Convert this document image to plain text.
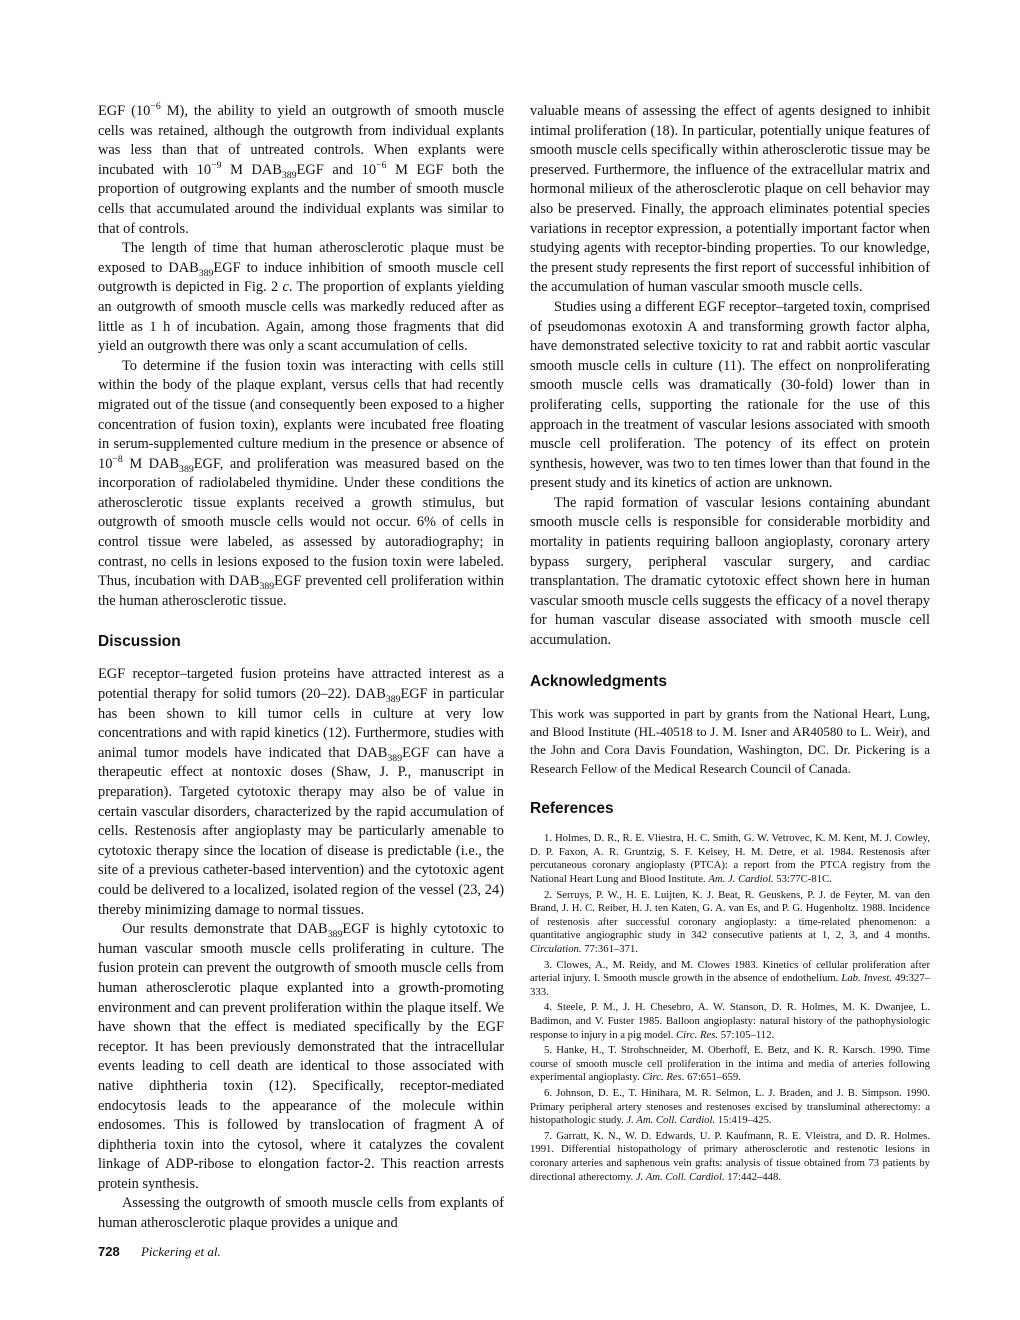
EGF ($10^{-6}$ M), the ability to yield an outgrowth of smooth muscle cells was retained, although the outgrowth from individual explants was less than that of untreated controls. When explants were incubated with $10^{-9}$ M $DAB_{389}EGF$ and $10^{-6}$ M EGF both the proportion of outgrowing explants and the number of smooth muscle cells that accumulated around the individual explants was similar to that of controls.

The length of time that human atherosclerotic plaque must be exposed to $DAB_{389}EGF$ to induce inhibition of smooth muscle cell outgrowth is depicted in Fig. 2 c. The proportion of explants yielding an outgrowth of smooth muscle cells was markedly reduced after as little as 1 h of incubation. Again, among those fragments that did yield an outgrowth there was only a scant accumulation of cells.

To determine if the fusion toxin was interacting with cells still within the body of the plaque explant, versus cells that had recently migrated out of the tissue (and consequently been exposed to a higher concentration of fusion toxin), explants were incubated free floating in serum-supplemented culture medium in the presence or absence of $10^{-8}$ M $DAB_{389}EGF$, and proliferation was measured based on the incorporation of radiolabeled thymidine. Under these conditions the atherosclerotic tissue explants received a growth stimulus, but outgrowth of smooth muscle cells would not occur. 6% of cells in control tissue were labeled, as assessed by autoradiography; in contrast, no cells in lesions exposed to the fusion toxin were labeled. Thus, incubation with $DAB_{389}EGF$ prevented cell proliferation within the human atherosclerotic tissue.

Discussion

EGF receptor–targeted fusion proteins have attracted interest as a potential therapy for solid tumors (20–22). $DAB_{389}EGF$ in particular has been shown to kill tumor cells in culture at very low concentrations and with rapid kinetics (12). Furthermore, studies with animal tumor models have indicated that $DAB_{389}EGF$ can have a therapeutic effect at nontoxic doses (Shaw, J. P., manuscript in preparation). Targeted cytotoxic therapy may also be of value in certain vascular disorders, characterized by the rapid accumulation of cells. Restenosis after angioplasty may be particularly amenable to cytotoxic therapy since the location of disease is predictable (i.e., the site of a previous catheter-based intervention) and the cytotoxic agent could be delivered to a localized, isolated region of the vessel (23, 24) thereby minimizing damage to normal tissues.

Our results demonstrate that $DAB_{389}EGF$ is highly cytotoxic to human vascular smooth muscle cells proliferating in culture. The fusion protein can prevent the outgrowth of smooth muscle cells from human atherosclerotic plaque explanted into a growth-promoting environment and can prevent proliferation within the plaque itself. We have shown that the effect is mediated specifically by the EGF receptor. It has been previously demonstrated that the intracellular events leading to cell death are identical to those associated with native diphtheria toxin (12). Specifically, receptor-mediated endocytosis leads to the appearance of the molecule within endosomes. This is followed by translocation of fragment A of diphtheria toxin into the cytosol, where it catalyzes the covalent linkage of ADP-ribose to elongation factor-2. This reaction arrests protein synthesis.

Assessing the outgrowth of smooth muscle cells from explants of human atherosclerotic plaque provides a unique and

valuable means of assessing the effect of agents designed to inhibit intimal proliferation (18). In particular, potentially unique features of smooth muscle cells specifically within atherosclerotic tissue may be preserved. Furthermore, the influence of the extracellular matrix and hormonal milieux of the atherosclerotic plaque on cell behavior may also be preserved. Finally, the approach eliminates potential species variations in receptor expression, a potentially important factor when studying agents with receptor-binding properties. To our knowledge, the present study represents the first report of successful inhibition of the accumulation of human vascular smooth muscle cells.

Studies using a different EGF receptor–targeted toxin, comprised of pseudomonas exotoxin A and transforming growth factor alpha, have demonstrated selective toxicity to rat and rabbit aortic vascular smooth muscle cells in culture (11). The effect on nonproliferating smooth muscle cells was dramatically (30-fold) lower than in proliferating cells, supporting the rationale for the use of this approach in the treatment of vascular lesions associated with smooth muscle cell proliferation. The potency of its effect on protein synthesis, however, was two to ten times lower than that found in the present study and its kinetics of action are unknown.

The rapid formation of vascular lesions containing abundant smooth muscle cells is responsible for considerable morbidity and mortality in patients requiring balloon angioplasty, coronary artery bypass surgery, peripheral vascular surgery, and cardiac transplantation. The dramatic cytotoxic effect shown here in human vascular smooth muscle cells suggests the efficacy of a novel therapy for human vascular disease associated with smooth muscle cell accumulation.

Acknowledgments

This work was supported in part by grants from the National Heart, Lung, and Blood Institute (HL-40518 to J. M. Isner and AR40580 to L. Weir), and the John and Cora Davis Foundation, Washington, DC. Dr. Pickering is a Research Fellow of the Medical Research Council of Canada.

References

1. Holmes, D. R., R. E. Vliestra, H. C. Smith, G. W. Vetrovec, K. M. Kent, M. J. Cowley, D. P. Faxon, A. R. Gruntzig, S. F. Kelsey, H. M. Detre, et al. 1984. Restenosis after percutaneous coronary angioplasty (PTCA): a report from the PTCA registry from the National Heart Lung and Blood Institute. Am. J. Cardiol. 53:77C-81C.

2. Serruys, P. W., H. E. Luijten, K. J. Beat, R. Geuskens, P. J. de Feyter, M. van den Brand, J. H. C. Reiber, H. J. ten Katen, G. A. van Es, and P. G. Hugenholtz. 1988. Incidence of restenosis after successful coronary angioplasty: a time-related phenomenon: a quantitative angiographic study in 342 consecutive patients at 1, 2, 3, and 4 months. Circulation. 77:361–371.

3. Clowes, A., M. Reidy, and M. Clowes 1983. Kinetics of cellular proliferation after arterial injury. I. Smooth muscle growth in the absence of endothelium. Lab. Invest. 49:327–333.

4. Steele, P. M., J. H. Chesebro, A. W. Stanson, D. R. Holmes, M. K. Dwanjee, L. Badimon, and V. Fuster 1985. Balloon angioplasty: natural history of the pathophysiologic response to injury in a pig model. Circ. Res. 57:105–112.

5. Hanke, H., T. Strohschneider, M. Oberhoff, E. Betz, and K. R. Karsch. 1990. Time course of smooth muscle cell proliferation in the intima and media of arteries following experimental angioplasty. Circ. Res. 67:651–659.

6. Johnson, D. E., T. Hinihara, M. R. Selmon, L. J. Braden, and J. B. Simpson. 1990. Primary peripheral artery stenoses and restenoses excised by transluminal atherectomy: a histopathologic study. J. Am. Coll. Cardiol. 15:419–425.

7. Garratt, K. N., W. D. Edwards, U. P. Kaufmann, R. E. Vleistra, and D. R. Holmes. 1991. Differential histopathology of primary atherosclerotic and restenotic lesions in coronary arteries and saphenous vein grafts: analysis of tissue obtained from 73 patients by directional atherectomy. J. Am. Coll. Cardiol. 17:442–448.

728 Pickering et al.
